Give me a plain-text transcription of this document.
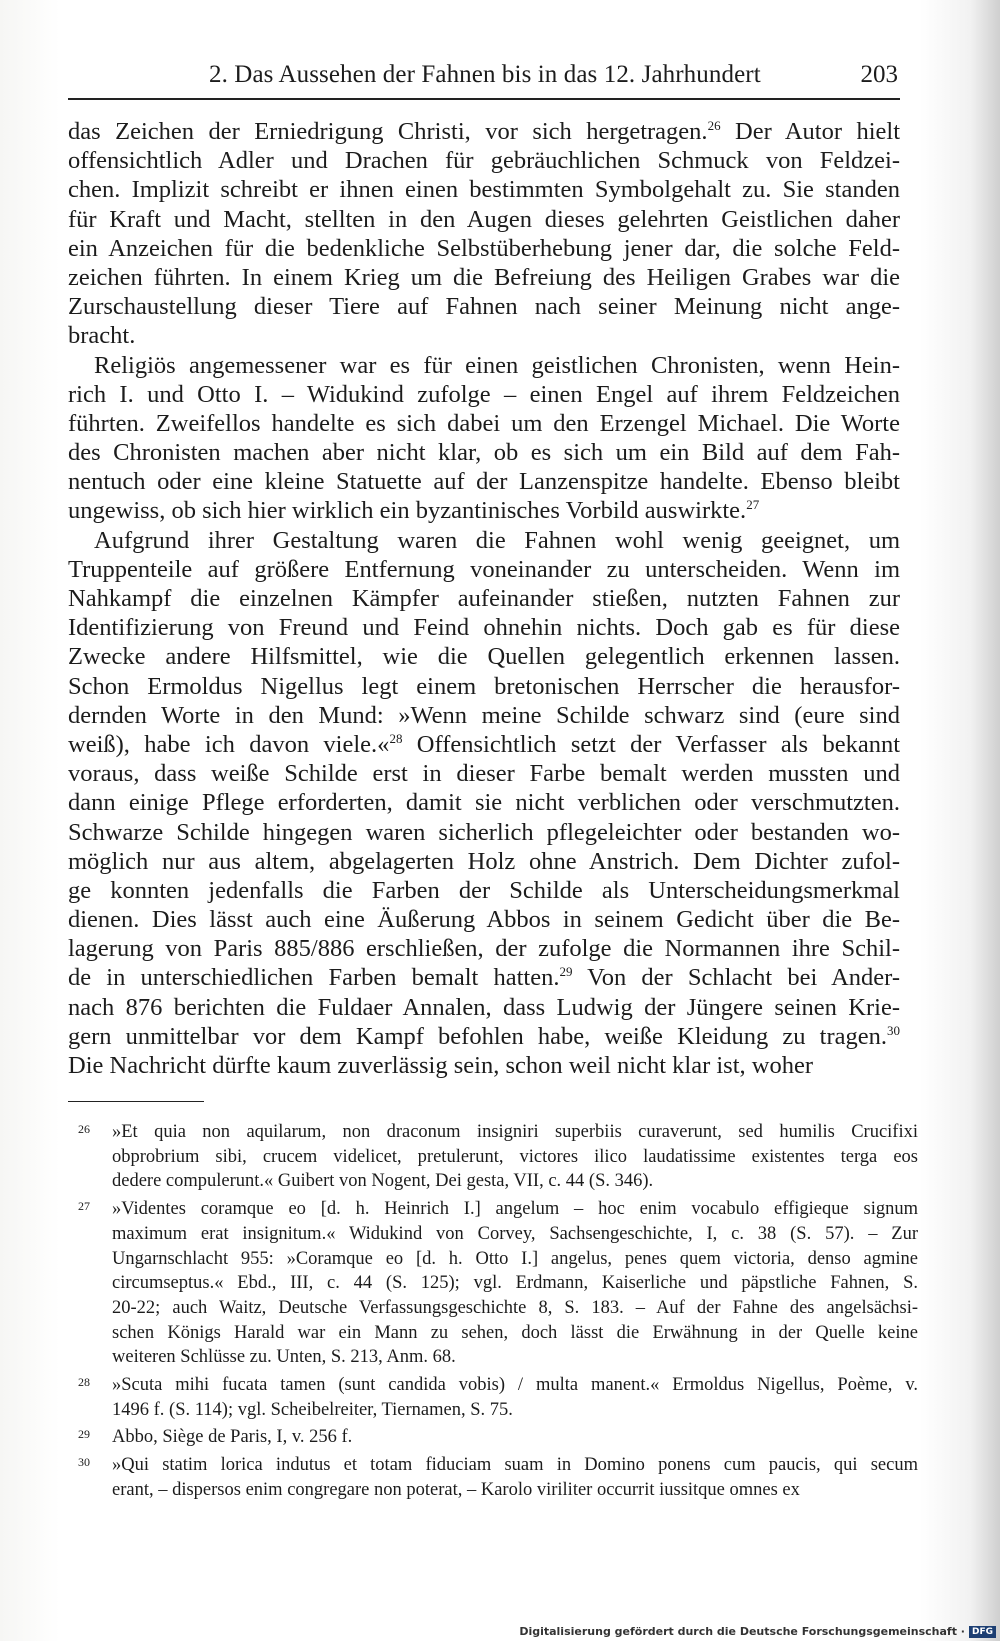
2. Das Aussehen der Fahnen bis in das 12. Jahrhundert	203
das Zeichen der Erniedrigung Christi, vor sich hergetragen.$^{26}$ Der Autor hielt
offensichtlich Adler und Drachen für gebräuchlichen Schmuck von Feldzei-
chen. Implizit schreibt er ihnen einen bestimmten Symbolgehalt zu. Sie standen
für Kraft und Macht, stellten in den Augen dieses gelehrten Geistlichen daher
ein Anzeichen für die bedenkliche Selbstüberhebung jener dar, die solche Feld-
zeichen führten. In einem Krieg um die Befreiung des Heiligen Grabes war die
Zurschaustellung dieser Tiere auf Fahnen nach seiner Meinung nicht ange-
bracht.
Religiös angemessener war es für einen geistlichen Chronisten, wenn Hein-
rich I. und Otto I. – Widukind zufolge – einen Engel auf ihrem Feldzeichen
führten. Zweifellos handelte es sich dabei um den Erzengel Michael. Die Worte
des Chronisten machen aber nicht klar, ob es sich um ein Bild auf dem Fah-
nentuch oder eine kleine Statuette auf der Lanzenspitze handelte. Ebenso bleibt
ungewiss, ob sich hier wirklich ein byzantinisches Vorbild auswirkte.$^{27}$
Aufgrund ihrer Gestaltung waren die Fahnen wohl wenig geeignet, um
Truppenteile auf größere Entfernung voneinander zu unterscheiden. Wenn im
Nahkampf die einzelnen Kämpfer aufeinander stießen, nutzten Fahnen zur
Identifizierung von Freund und Feind ohnehin nichts. Doch gab es für diese
Zwecke andere Hilfsmittel, wie die Quellen gelegentlich erkennen lassen.
Schon Ermoldus Nigellus legt einem bretonischen Herrscher die herausfor-
dernden Worte in den Mund: »Wenn meine Schilde schwarz sind (eure sind
weiß), habe ich davon viele.«$^{28}$ Offensichtlich setzt der Verfasser als bekannt
voraus, dass weiße Schilde erst in dieser Farbe bemalt werden mussten und
dann einige Pflege erforderten, damit sie nicht verblichen oder verschmutzten.
Schwarze Schilde hingegen waren sicherlich pflegeleichter oder bestanden wo-
möglich nur aus altem, abgelagerten Holz ohne Anstrich. Dem Dichter zufol-
ge konnten jedenfalls die Farben der Schilde als Unterscheidungsmerkmal
dienen. Dies lässt auch eine Äußerung Abbos in seinem Gedicht über die Be-
lagerung von Paris 885/886 erschließen, der zufolge die Normannen ihre Schil-
de in unterschiedlichen Farben bemalt hatten.$^{29}$ Von der Schlacht bei Ander-
nach 876 berichten die Fuldaer Annalen, dass Ludwig der Jüngere seinen Krie-
gern unmittelbar vor dem Kampf befohlen habe, weiße Kleidung zu tragen.$^{30}$
Die Nachricht dürfte kaum zuverlässig sein, schon weil nicht klar ist, woher
26 »Et quia non aquilarum, non draconum insigniri superbiis curaverunt, sed humilis Crucifixi
obprobrium sibi, crucem videlicet, pretulerunt, victores ilico laudatissime existentes terga eos
dedere compulerunt.« Guibert von Nogent, Dei gesta, VII, c. 44 (S. 346).
27 »Videntes coramque eo [d. h. Heinrich I.] angelum – hoc enim vocabulo effigieque signum
maximum erat insignitum.« Widukind von Corvey, Sachsengeschichte, I, c. 38 (S. 57). – Zur
Ungarnschlacht 955: »Coramque eo [d. h. Otto I.] angelus, penes quem victoria, denso agmine
circumseptus.« Ebd., III, c. 44 (S. 125); vgl. Erdmann, Kaiserliche und päpstliche Fahnen, S.
20-22; auch Waitz, Deutsche Verfassungsgeschichte 8, S. 183. – Auf der Fahne des angelsächsi-
schen Königs Harald war ein Mann zu sehen, doch lässt die Erwähnung in der Quelle keine
weiteren Schlüsse zu. Unten, S. 213, Anm. 68.
28 »Scuta mihi fucata tamen (sunt candida vobis) / multa manent.« Ermoldus Nigellus, Poème, v.
1496 f. (S. 114); vgl. Scheibelreiter, Tiernamen, S. 75.
29 Abbo, Siège de Paris, I, v. 256 f.
30 »Qui statim lorica indutus et totam fiduciam suam in Domino ponens cum paucis, qui secum
erant, – dispersos enim congregare non poterat, – Karolo viriliter occurrit iussitque omnes ex
Digitalisierung gefördert durch die Deutsche Forschungsgemeinschaft · DFG
